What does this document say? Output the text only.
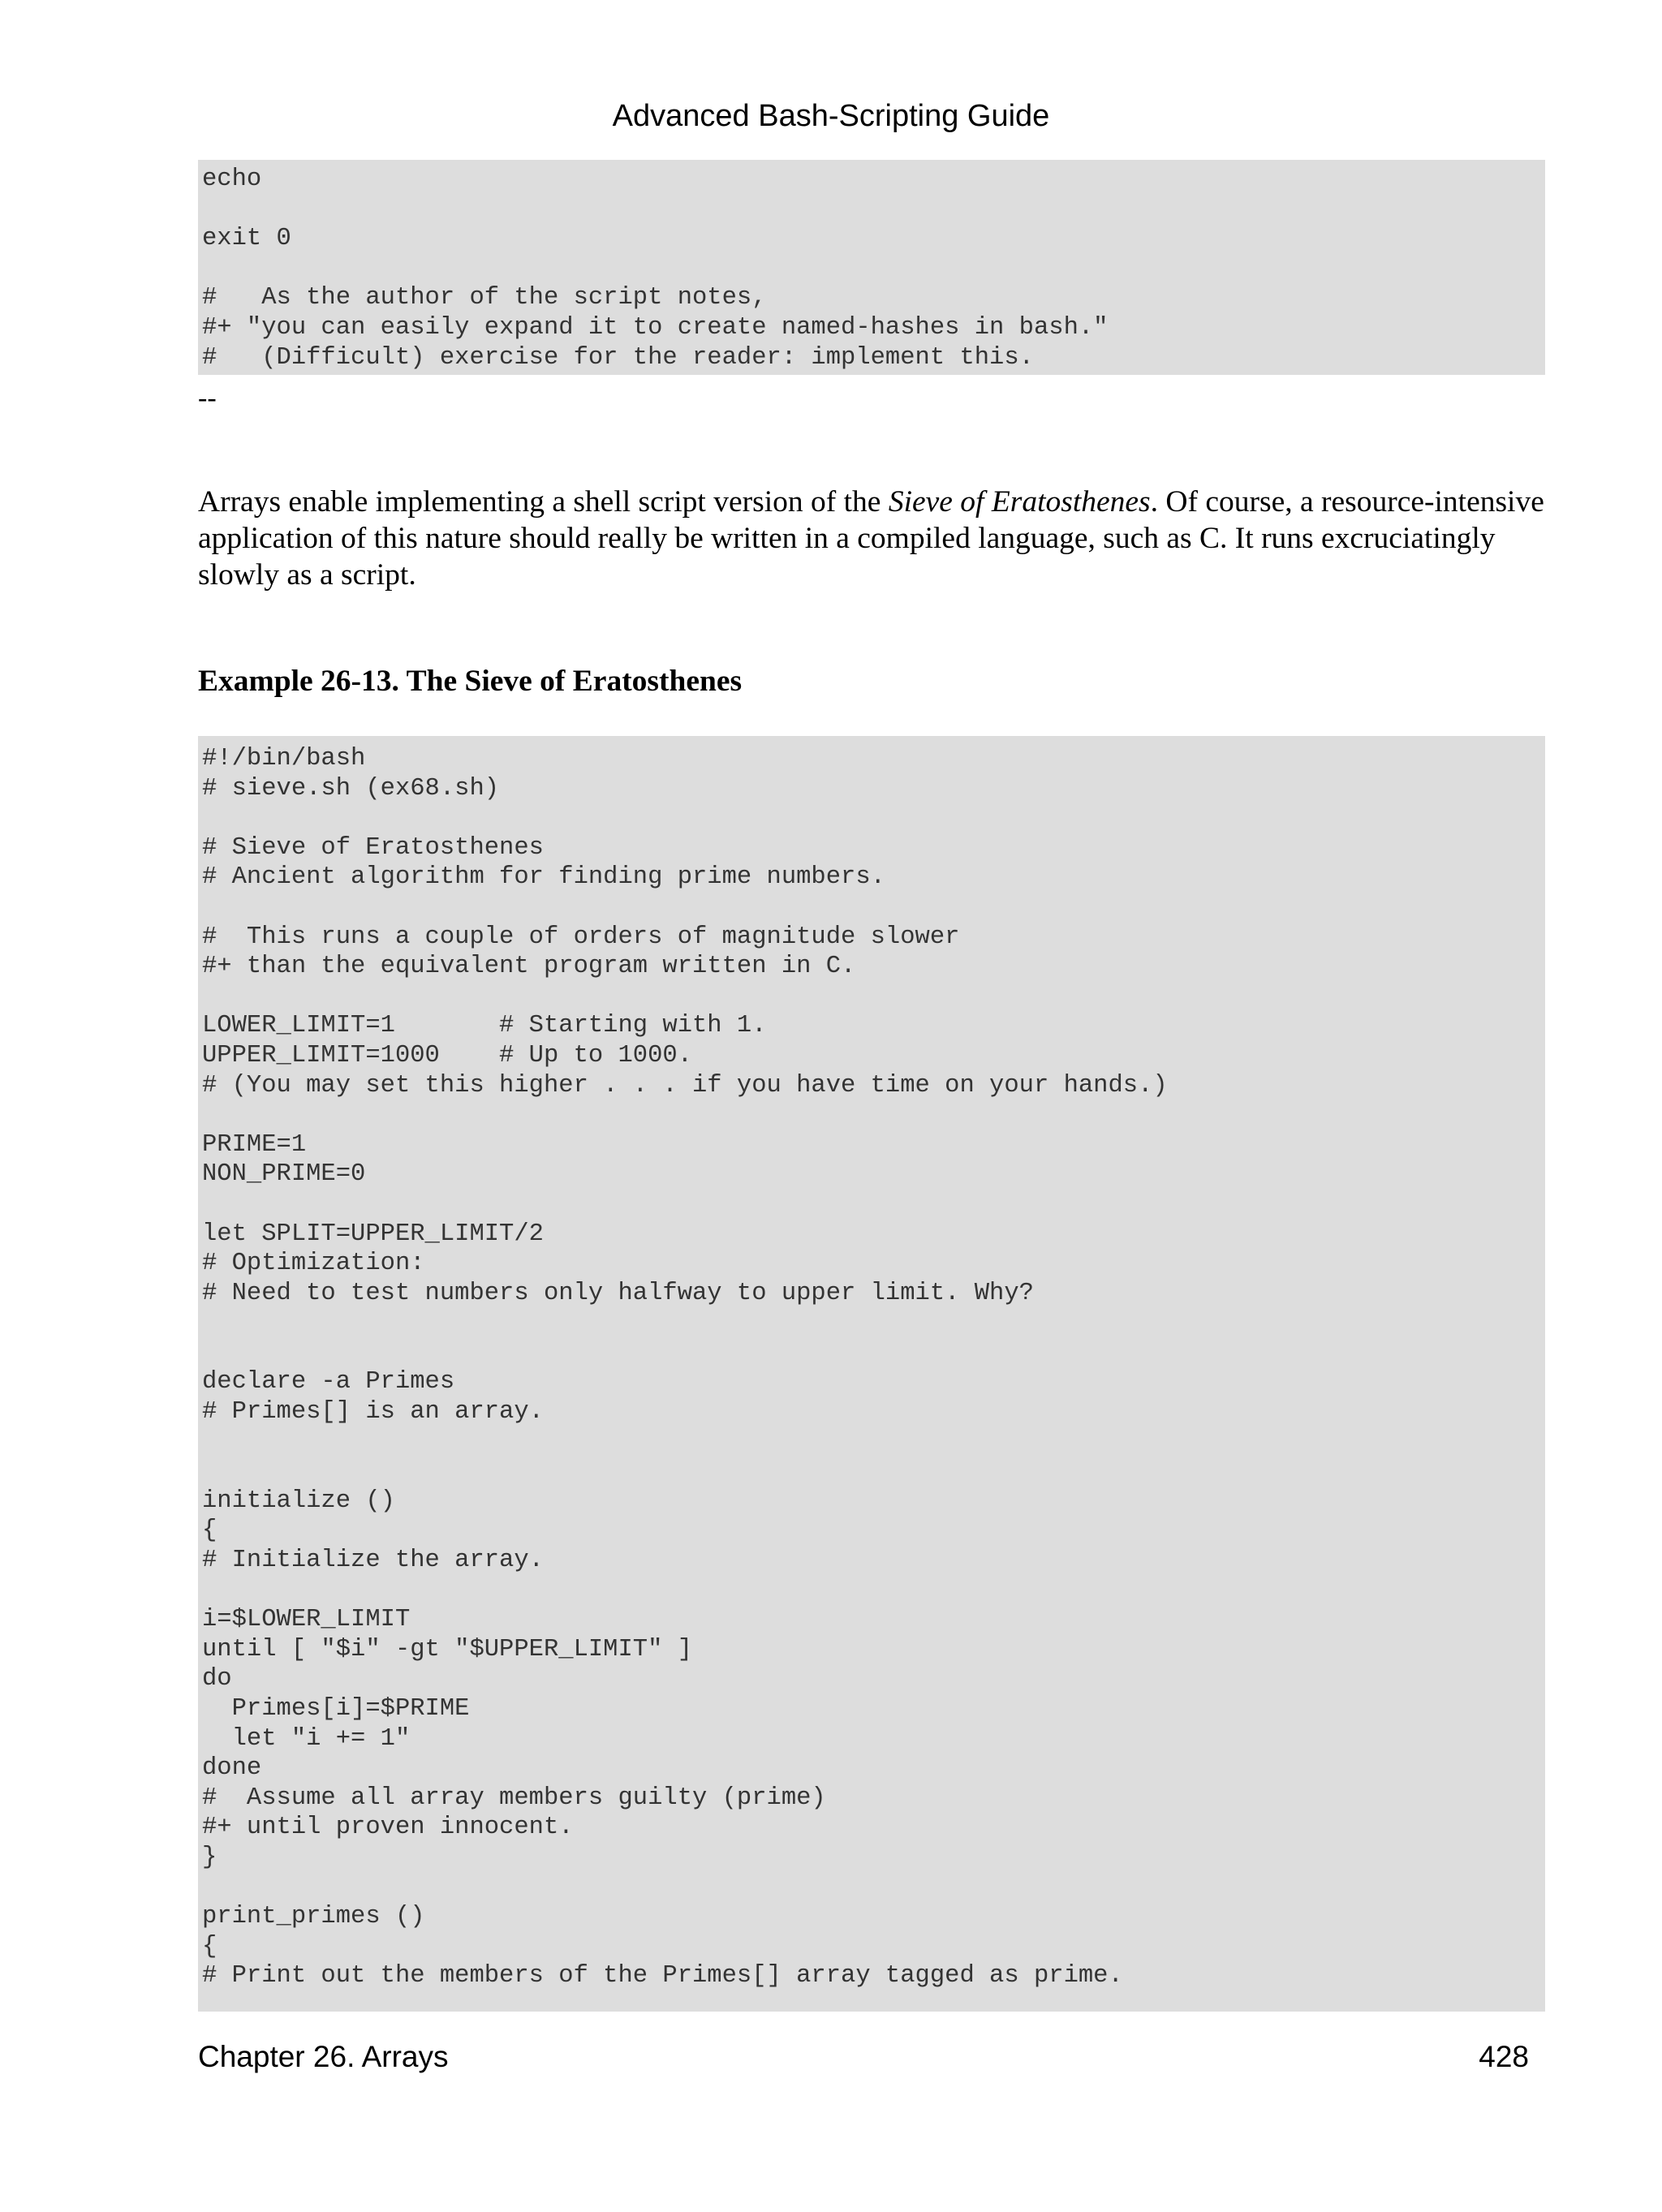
Advanced Bash-Scripting Guide
echo

exit 0

#   As the author of the script notes,
#+ "you can easily expand it to create named-hashes in bash."
#   (Difficult) exercise for the reader: implement this.
--

Arrays enable implementing a shell script version of the Sieve of Eratosthenes. Of course, a resource-intensive application of this nature should really be written in a compiled language, such as C. It runs excruciatingly slowly as a script.

Example 26-13. The Sieve of Eratosthenes

#!/bin/bash
# sieve.sh (ex68.sh)

# Sieve of Eratosthenes
# Ancient algorithm for finding prime numbers.

#  This runs a couple of orders of magnitude slower
#+ than the equivalent program written in C.

LOWER_LIMIT=1       # Starting with 1.
UPPER_LIMIT=1000    # Up to 1000.
# (You may set this higher . . . if you have time on your hands.)

PRIME=1
NON_PRIME=0

let SPLIT=UPPER_LIMIT/2
# Optimization:
# Need to test numbers only halfway to upper limit. Why?

declare -a Primes
# Primes[] is an array.

initialize ()
{
# Initialize the array.

i=$LOWER_LIMIT
until [ "$i" -gt "$UPPER_LIMIT" ]
do
Primes[i]=$PRIME
let "i += 1"
done
#  Assume all array members guilty (prime)
#+ until proven innocent.
}

print_primes ()
{
# Print out the members of the Primes[] array tagged as prime.
Chapter 26. Arrays	428
